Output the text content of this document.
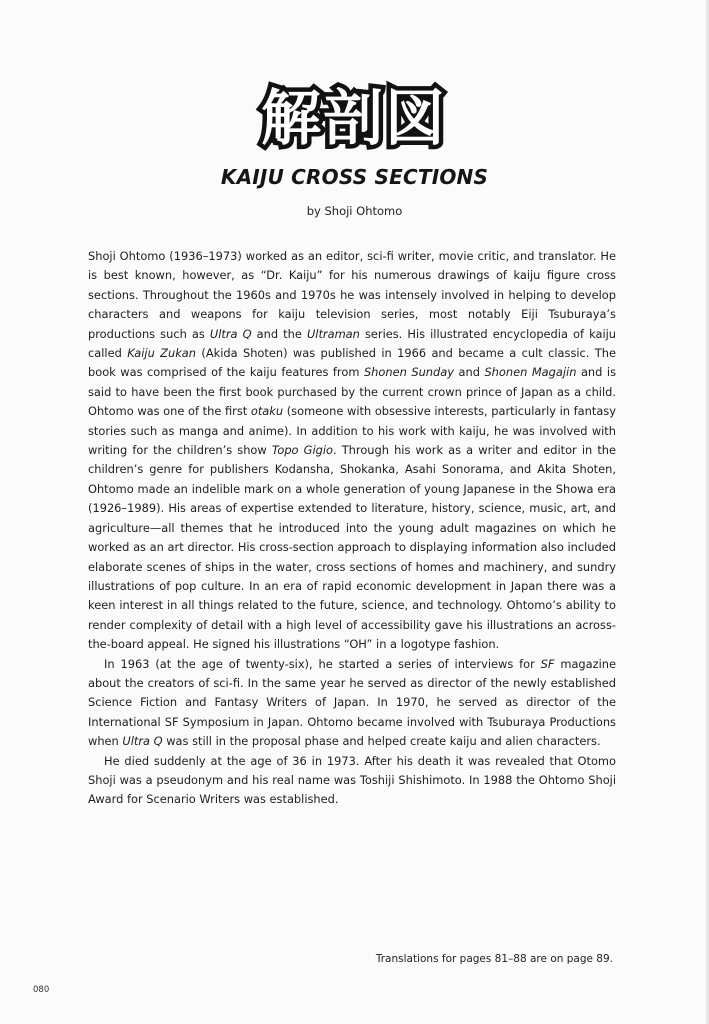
解剖図
KAIJU CROSS SECTIONS
by Shoji Ohtomo

Shoji Ohtomo (1936–1973) worked as an editor, sci-fi writer, movie critic, and translator. He is best known, however, as “Dr. Kaiju” for his numerous drawings of kaiju figure cross sections. Throughout the 1960s and 1970s he was intensely involved in helping to develop characters and weapons for kaiju television series, most notably Eiji Tsuburaya’s productions such as Ultra Q and the Ultraman series. His illustrated encyclopedia of kaiju called Kaiju Zukan (Akida Shoten) was published in 1966 and became a cult classic. The book was comprised of the kaiju features from Shonen Sunday and Shonen Magajin and is said to have been the first book purchased by the current crown prince of Japan as a child. Ohtomo was one of the first otaku (someone with obsessive interests, particularly in fantasy stories such as manga and anime). In addition to his work with kaiju, he was involved with writing for the children’s show Topo Gigio. Through his work as a writer and editor in the children’s genre for publishers Kodansha, Shokanka, Asahi Sonorama, and Akita Shoten, Ohtomo made an indelible mark on a whole generation of young Japanese in the Showa era (1926–1989). His areas of expertise extended to literature, history, science, music, art, and agriculture—all themes that he introduced into the young adult magazines on which he worked as an art director. His cross-section approach to displaying information also included elaborate scenes of ships in the water, cross sections of homes and machinery, and sundry illustrations of pop culture. In an era of rapid economic development in Japan there was a keen interest in all things related to the future, science, and technology. Ohtomo’s ability to render complexity of detail with a high level of accessibility gave his illustrations an across-the-board appeal. He signed his illustrations “OH” in a logotype fashion.

In 1963 (at the age of twenty-six), he started a series of interviews for SF magazine about the creators of sci-fi. In the same year he served as director of the newly established Science Fiction and Fantasy Writers of Japan. In 1970, he served as director of the International SF Symposium in Japan. Ohtomo became involved with Tsuburaya Productions when Ultra Q was still in the proposal phase and helped create kaiju and alien characters.

He died suddenly at the age of 36 in 1973. After his death it was revealed that Otomo Shoji was a pseudonym and his real name was Toshiji Shishimoto. In 1988 the Ohtomo Shoji Award for Scenario Writers was established.

Translations for pages 81–88 are on page 89.
080
